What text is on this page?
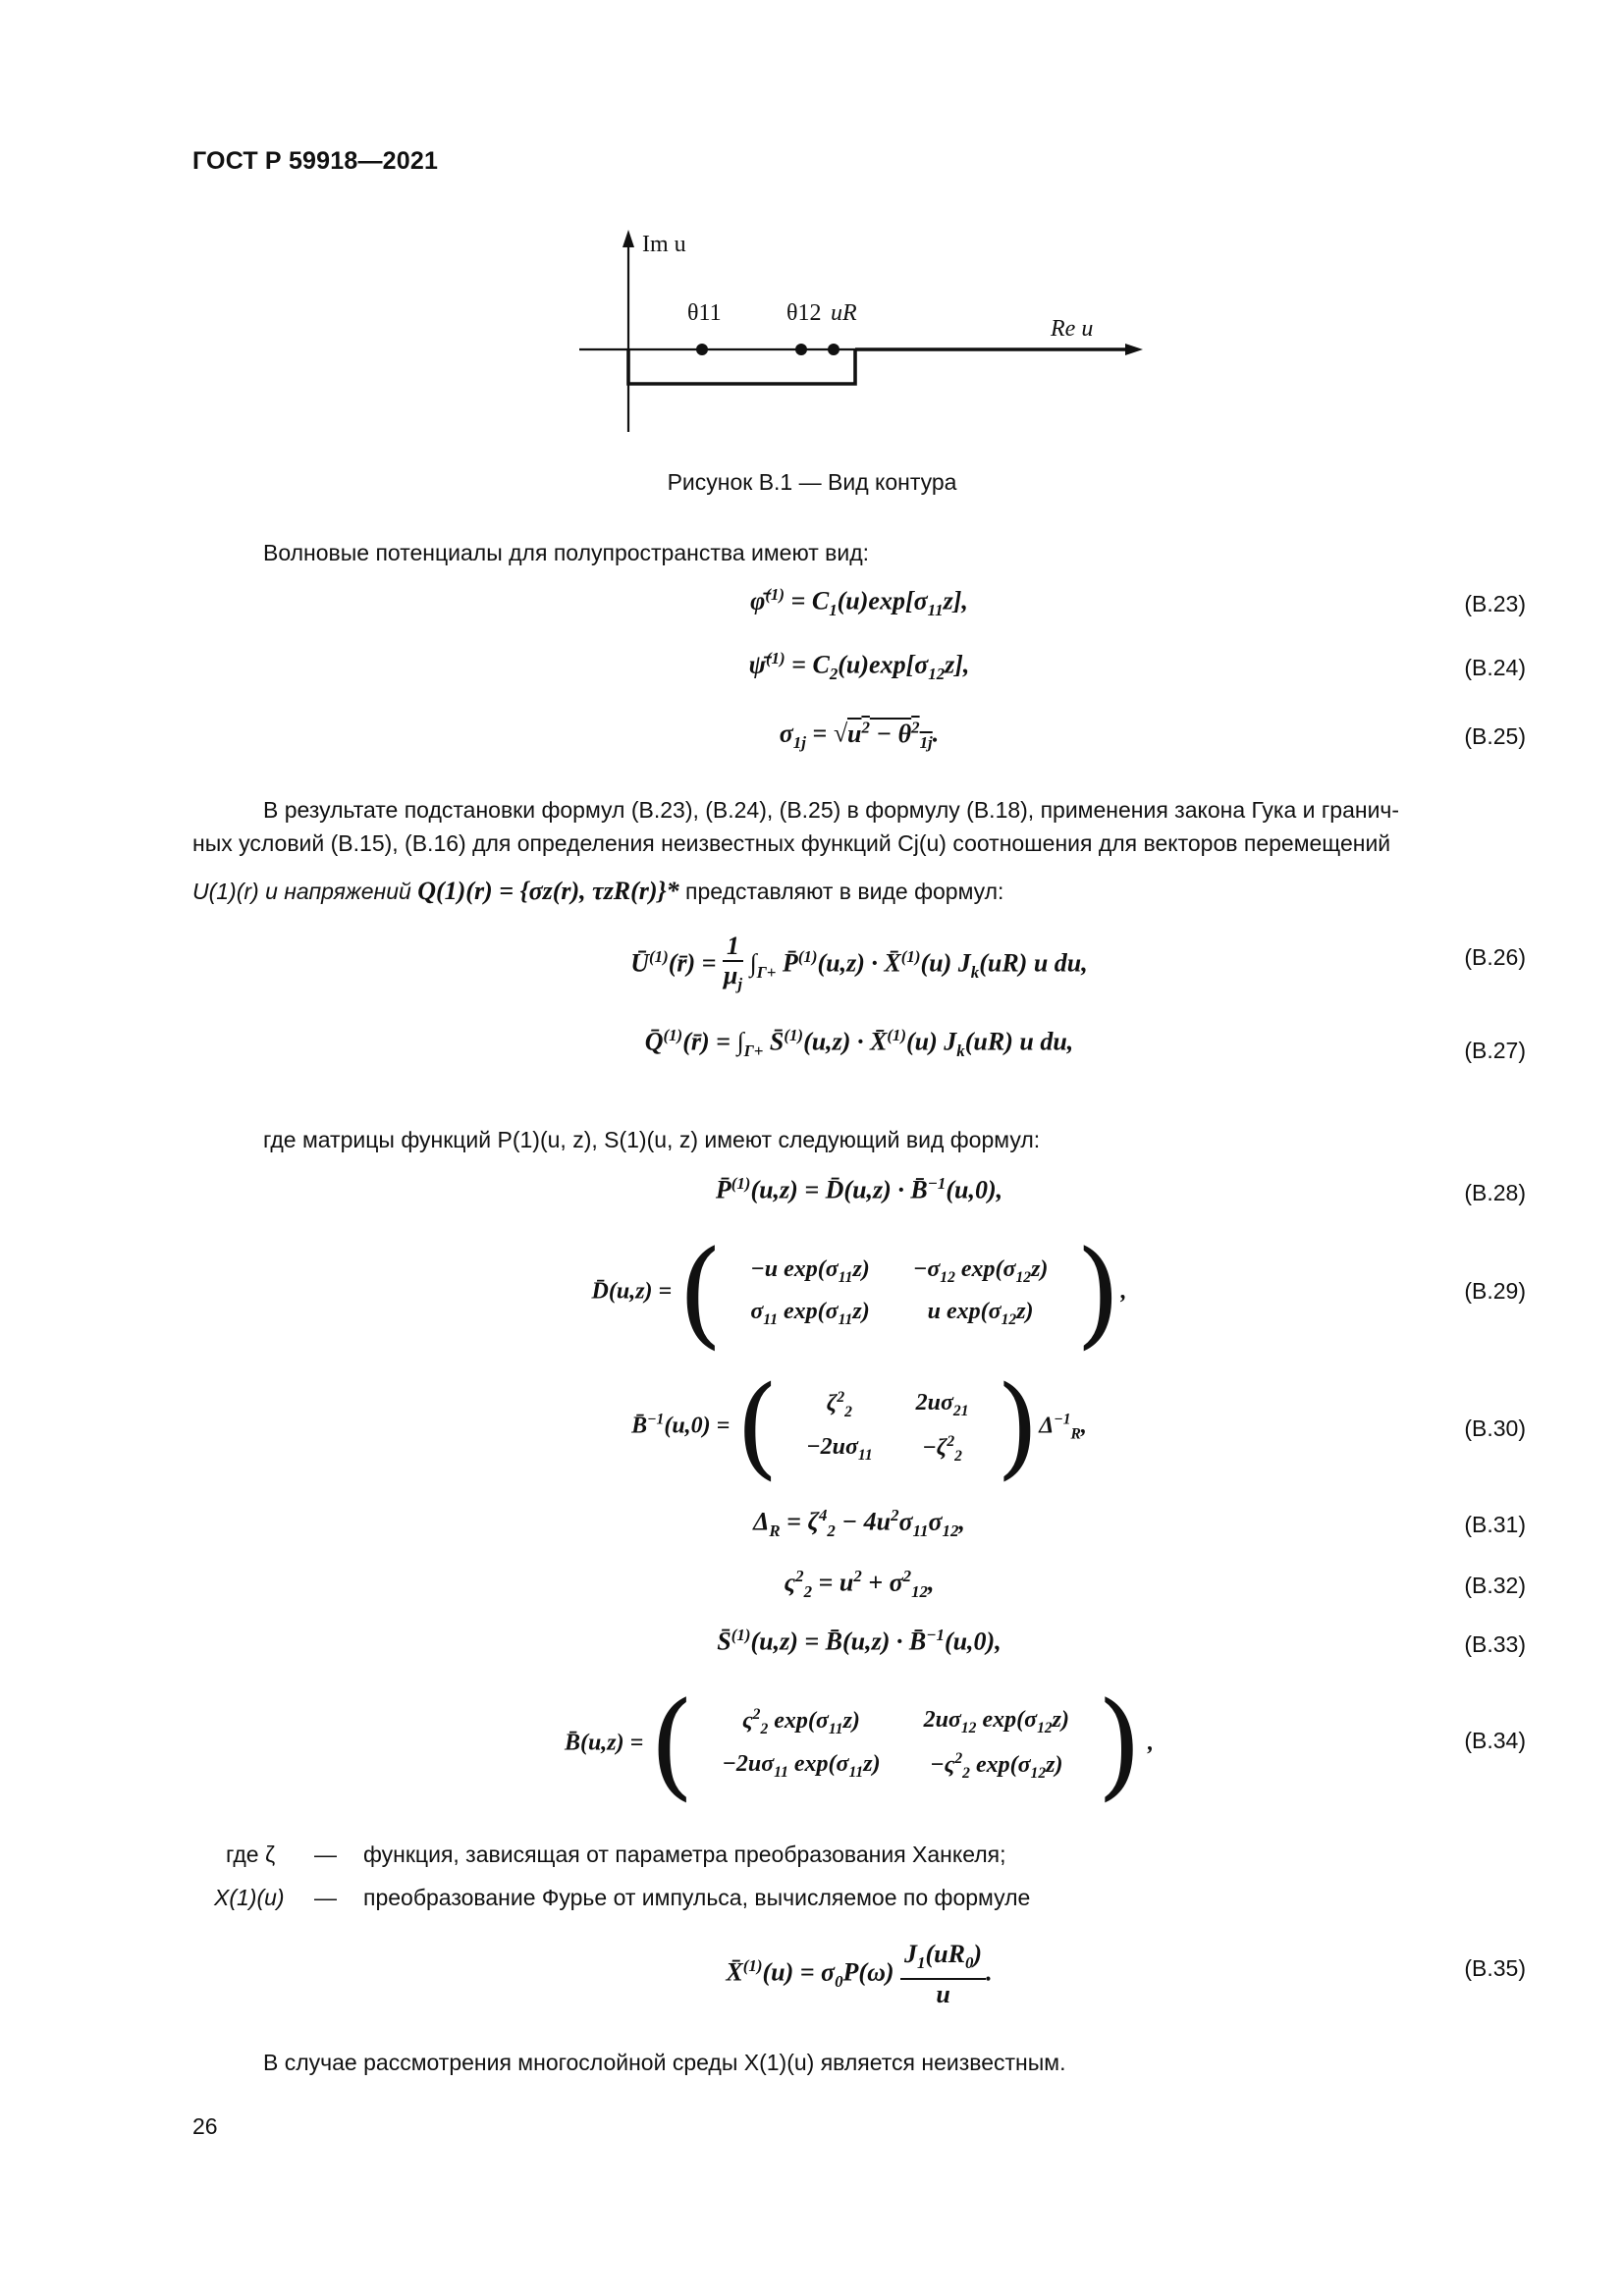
ГОСТ Р 59918—2021
Im u
θ11	θ12 uR
Re u
Рисунок В.1 — Вид контура
Волновые потенциалы для полупространства имеют вид:
φ̄$^{(1)}$ = $C_1(u)\exp[\sigma_{11}z]$,	(В.23)
ψ̄$^{(1)}$ = $C_2(u)\exp[\sigma_{12}z]$,	(В.24)
$\sigma_{1j} = √u^2 - \theta^2_{1j}$.	(В.25)
В результате подстановки формул (В.23), (В.24), (В.25) в формулу (В.18), применения закона Гука и гранич-
ных условий (В.15), (В.16) для определения неизвестных функций Cj(u) соотношения для векторов перемещений
U(1)(r) и напряжений Q(1)(r) = {σz(r), τzR(r)}* представляют в виде формул:
$Ū^{(1)}(r̄) = \frac{1}{\mu_j} \int_{\Gamma+}$ P̄$^{(1)}$(u,z) · X̄$^{(1)}$(u) $J_k(uR)$ u du,	(В.26)
Q̄$^{(1)}$(r̄) = $\int_{\Gamma+}$ S̄$^{(1)}$(u,z) · X̄$^{(1)}$(u) $J_k(uR)$ u du,	(В.27)
где матрицы функций P(1)(u, z), S(1)(u, z) имеют следующий вид формул:
P̄$^{(1)}$(u,z) = D̄(u,z) · B̄$^{-1}$(u,0),	(В.28)
D̄(u,z) = ( −u $\exp(\sigma_{11}z)$	$-\sigma_{12}$ $\exp(\sigma_{12}z)$
$\sigma_{11}$ $\exp(\sigma_{11}z)$	u $\exp(\sigma_{12}z)$ ),	(В.29)
B̄$^{-1}$(u,0) = ( $\zeta^2_2$	$2u\sigma_{21}$
$-2u\sigma_{11}$	$-\zeta^2_2$ )$\Delta^{-1}_R$,	(В.30)
$\Delta_R = \zeta^4_2 - 4u^2\sigma_{11}\sigma_{12}$,	(В.31)
$\varsigma^2_2 = u^2 + \sigma^2_{12}$,	(В.32)
S̄$^{(1)}$(u,z) = B̄(u,z) · B̄$^{-1}$(u,0),	(В.33)
B̄(u,z) = ( $\varsigma^2_2$ $\exp(\sigma_{11}z)$	$2u\sigma_{12}$ $\exp(\sigma_{12}z)$
$-2u\sigma_{11}$ $\exp(\sigma_{11}z)$	$-\varsigma^2_2$ $\exp(\sigma_{12}z)$ ) ,	(В.34)
где ζ — функция, зависящая от параметра преобразования Ханкеля;
X(1)(u) — преобразование Фурье от импульса, вычисляемое по формуле
X̄$^{(1)}$(u) = $\sigma_0P(\omega) \frac{J_1(uR_0)}{u}$ .	(В.35)
В случае рассмотрения многослойной среды X(1)(u) является неизвестным.
26
